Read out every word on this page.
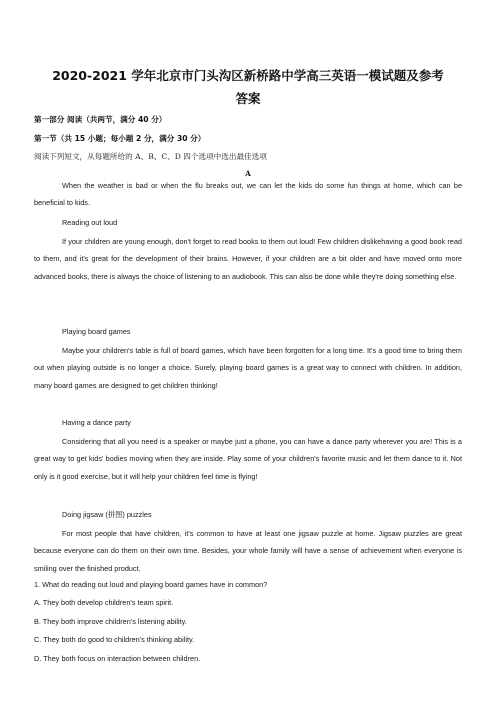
2020-2021 学年北京市门头沟区新桥路中学高三英语一模试题及参考
答案
第一部分 阅读（共两节，满分 40 分）
第一节（共 15 小题；每小题 2 分，满分 30 分）
阅读下列短文，从每题所给的 A、B、C、D 四个选项中选出最佳选项
A

When the weather is bad or when the flu breaks out, we can let the kids do some fun things at home, which can be beneficial to kids.

Reading out loud

If your children are young enough, don't forget to read books to them out loud! Few children dislikehaving a good book read to them, and it's great for the development of their brains. However, if your children are a bit older and have moved onto more advanced books, there is always the choice of listening to an audiobook. This can also be done while they're doing something else.

Playing board games

Maybe your children's table is full of board games, which have been forgotten for a long time. It's a good time to bring them out when playing outside is no longer a choice. Surely, playing board games is a great way to connect with children. In addition, many board games are designed to get children thinking!

Having a dance party

Considering that all you need is a speaker or maybe just a phone, you can have a dance party wherever you are! This is a great way to get kids' bodies moving when they are inside. Play some of your children's favorite music and let them dance to it. Not only is it good exercise, but it will help your children feel time is flying!

Doing jigsaw (拼图) puzzles

For most people that have children, it's common to have at least one jigsaw puzzle at home. Jigsaw puzzles are great because everyone can do them on their own time. Besides, your whole family will have a sense of achievement when everyone is smiling over the finished product.

1. What do reading out loud and playing board games have in common?
A. They both develop children's team spirit.
B. They both improve children's listening ability.
C. They both do good to children's thinking ability.
D. They both focus on interaction between children.
